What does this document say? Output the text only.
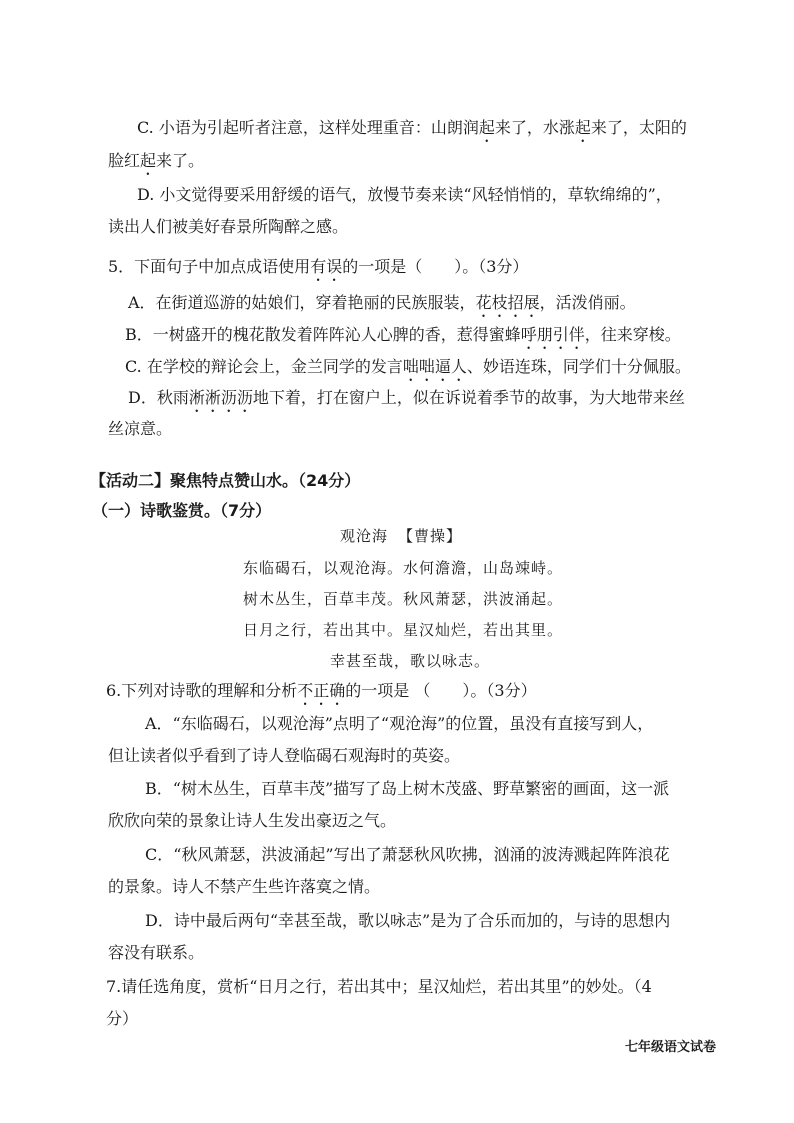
C. 小语为引起听者注意，这样处理重音：山朗润起来了，水涨起来了，太阳的
脸红起来了。
D. 小文觉得要采用舒缓的语气，放慢节奏来读“风轻悄悄的，草软绵绵的”，
读出人们被美好春景所陶醉之感。
5．下面句子中加点成语使用有误的一项是（　　）。（3分）
A．在街道巡游的姑娘们，穿着艳丽的民族服装，花枝招展，活泼俏丽。
B．一树盛开的槐花散发着阵阵沁人心脾的香，惹得蜜蜂呼朋引伴，往来穿梭。
C. 在学校的辩论会上，金兰同学的发言咄咄逼人、妙语连珠，同学们十分佩服。
D．秋雨淅淅沥沥地下着，打在窗户上，似在诉说着季节的故事，为大地带来丝
丝凉意。
【活动二】聚焦特点赞山水。（24分）
（一）诗歌鉴赏。（7分）
观沧海 【曹操】
东临碣石，以观沧海。水何澹澹，山岛竦峙。
树木丛生，百草丰茂。秋风萧瑟，洪波涌起。
日月之行，若出其中。星汉灿烂，若出其里。
幸甚至哉，歌以咏志。
6.下列对诗歌的理解和分析不正确的一项是 （　　）。（3分）
A．“东临碣石，以观沧海”点明了“观沧海”的位置，虽没有直接写到人，
但让读者似乎看到了诗人登临碣石观海时的英姿。
B．“树木丛生，百草丰茂”描写了岛上树木茂盛、野草繁密的画面，这一派
欣欣向荣的景象让诗人生发出豪迈之气。
C．“秋风萧瑟，洪波涌起”写出了萧瑟秋风吹拂，汹涌的波涛溅起阵阵浪花
的景象。诗人不禁产生些许落寞之情。
D．诗中最后两句“幸甚至哉，歌以咏志”是为了合乐而加的，与诗的思想内
容没有联系。
7.请任选角度，赏析“日月之行，若出其中；星汉灿烂，若出其里”的妙处。（4
分）
七年级语文试卷
